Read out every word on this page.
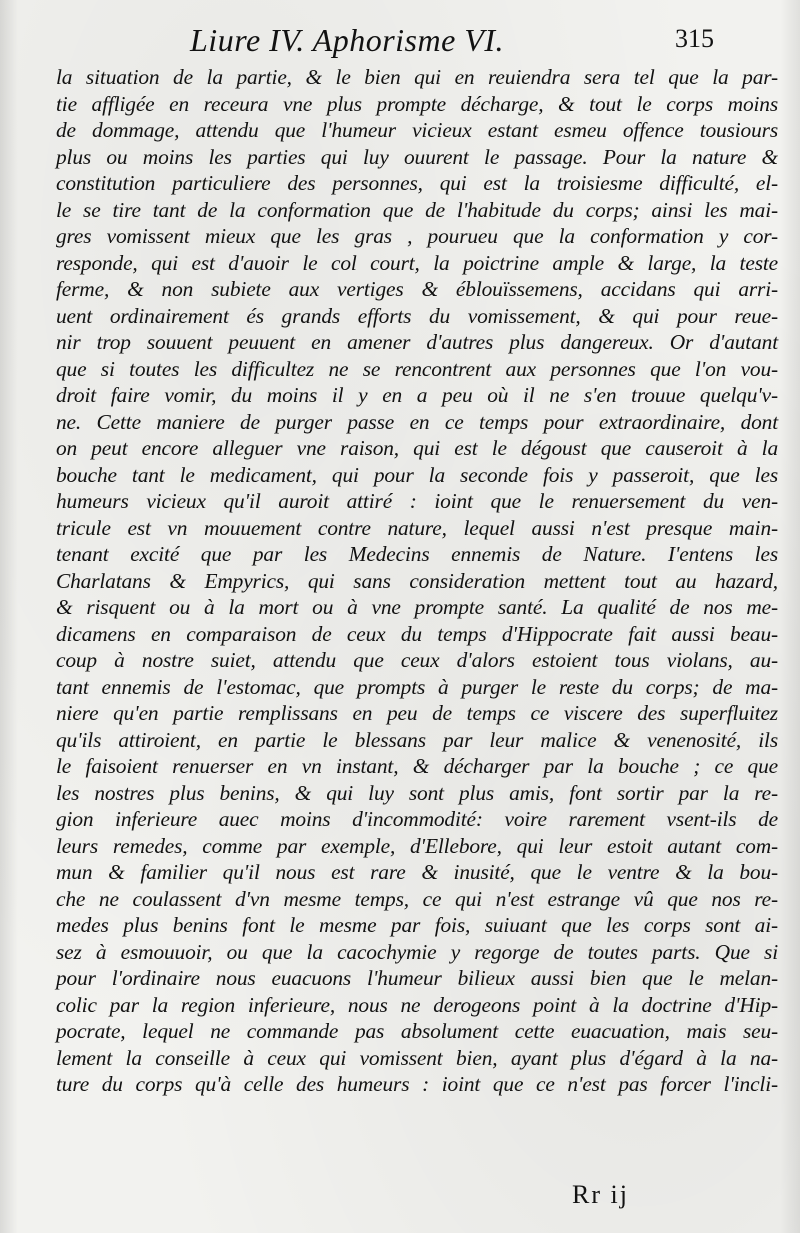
Liure IV. Aphorisme VI.	315
la situation de la partie, & le bien qui en reuiendra sera tel que la par-
tie affligée en receura vne plus prompte décharge, & tout le corps moins
de dommage, attendu que l'humeur vicieux estant esmeu offence tousiours
plus ou moins les parties qui luy ouurent le passage. Pour la nature &
constitution particuliere des personnes, qui est la troisiesme difficulté, el-
le se tire tant de la conformation que de l'habitude du corps; ainsi les mai-
gres vomissent mieux que les gras , pourueu que la conformation y cor-
responde, qui est d'auoir le col court, la poictrine ample & large, la teste
ferme, & non subiete aux vertiges & éblouïssemens, accidans qui arri-
uent ordinairement és grands efforts du vomissement, & qui pour reue-
nir trop souuent peuuent en amener d'autres plus dangereux. Or d'autant
que si toutes les difficultez ne se rencontrent aux personnes que l'on vou-
droit faire vomir, du moins il y en a peu où il ne s'en trouue quelqu'v-
ne. Cette maniere de purger passe en ce temps pour extraordinaire, dont
on peut encore alleguer vne raison, qui est le dégoust que causeroit à la
bouche tant le medicament, qui pour la seconde fois y passeroit, que les
humeurs vicieux qu'il auroit attiré : ioint que le renuersement du ven-
tricule est vn mouuement contre nature, lequel aussi n'est presque main-
tenant excité que par les Medecins ennemis de Nature. I'entens les
Charlatans & Empyrics, qui sans consideration mettent tout au hazard,
& risquent ou à la mort ou à vne prompte santé. La qualité de nos me-
dicamens en comparaison de ceux du temps d'Hippocrate fait aussi beau-
coup à nostre suiet, attendu que ceux d'alors estoient tous violans, au-
tant ennemis de l'estomac, que prompts à purger le reste du corps; de ma-
niere qu'en partie remplissans en peu de temps ce viscere des superfluitez
qu'ils attiroient, en partie le blessans par leur malice & venenosité, ils
le faisoient renuerser en vn instant, & décharger par la bouche ; ce que
les nostres plus benins, & qui luy sont plus amis, font sortir par la re-
gion inferieure auec moins d'incommodité: voire rarement vsent-ils de
leurs remedes, comme par exemple, d'Ellebore, qui leur estoit autant com-
mun & familier qu'il nous est rare & inusité, que le ventre & la bou-
che ne coulassent d'vn mesme temps, ce qui n'est estrange vû que nos re-
medes plus benins font le mesme par fois, suiuant que les corps sont ai-
sez à esmouuoir, ou que la cacochymie y regorge de toutes parts. Que si
pour l'ordinaire nous euacuons l'humeur bilieux aussi bien que le melan-
colic par la region inferieure, nous ne derogeons point à la doctrine d'Hip-
pocrate, lequel ne commande pas absolument cette euacuation, mais seu-
lement la conseille à ceux qui vomissent bien, ayant plus d'égard à la na-
ture du corps qu'à celle des humeurs : ioint que ce n'est pas forcer l'incli-
Rr ij
